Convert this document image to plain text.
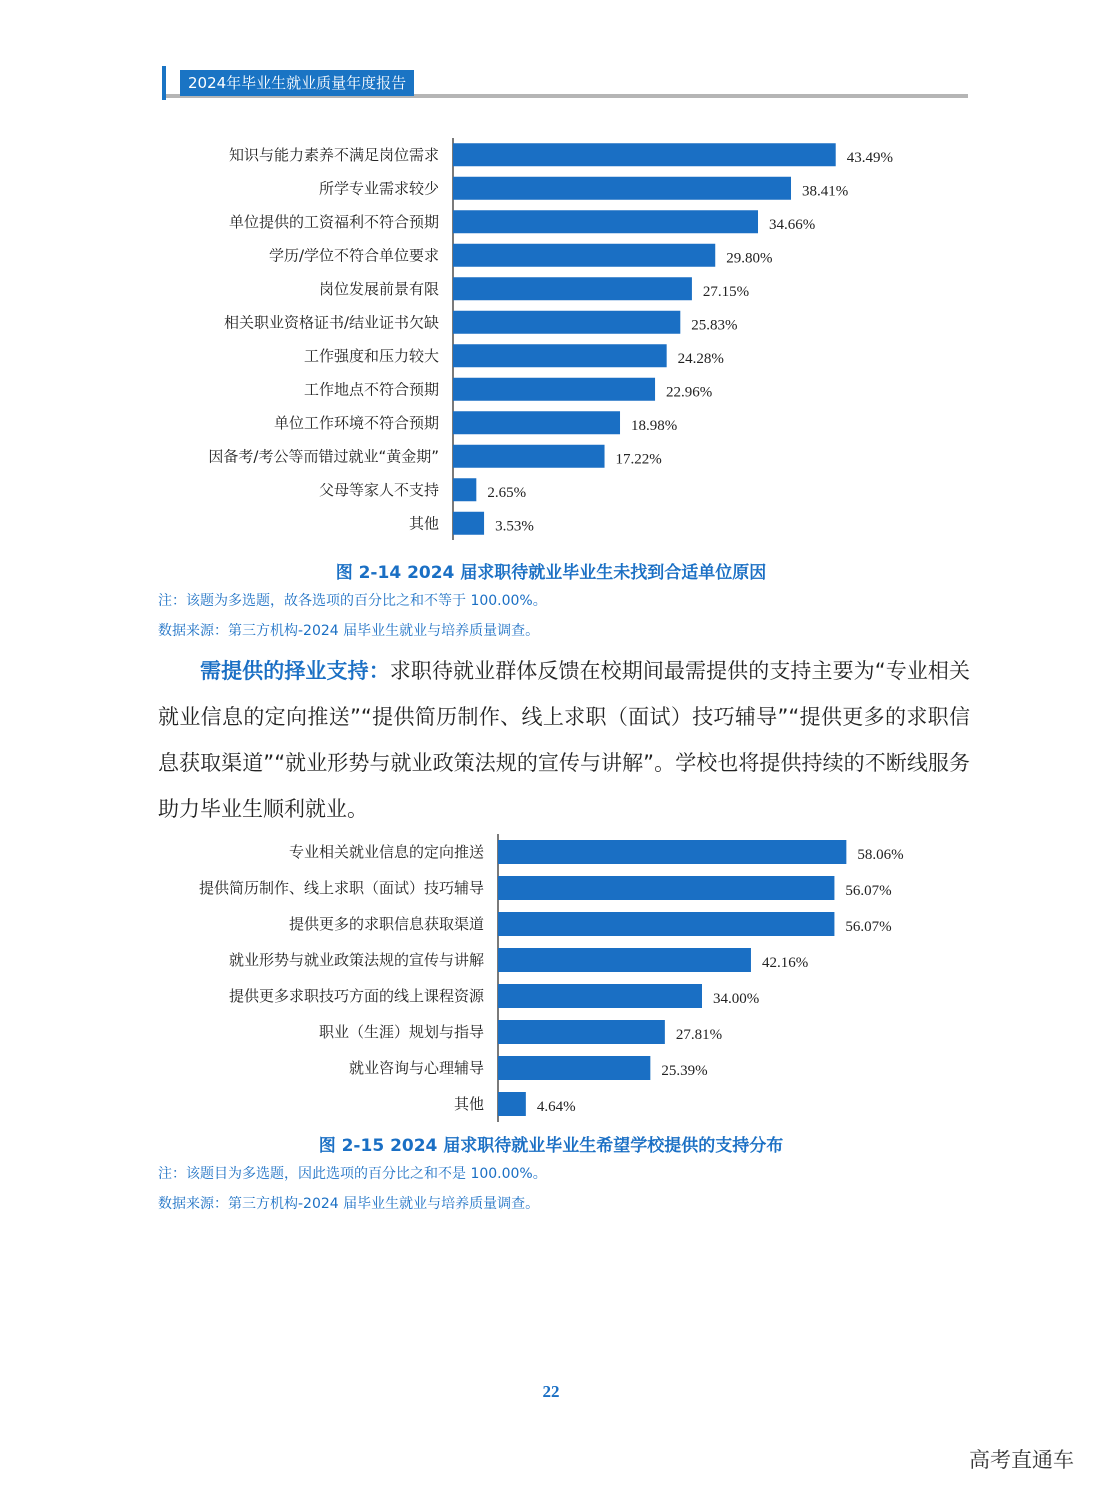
2024年毕业生就业质量年度报告
知识与能力素养不满足岗位需求	43.49%
所学专业需求较少	38.41%
单位提供的工资福利不符合预期	34.66%
学历/学位不符合单位要求	29.80%
岗位发展前景有限	27.15%
相关职业资格证书/结业证书欠缺	25.83%
工作强度和压力较大	24.28%
工作地点不符合预期	22.96%
单位工作环境不符合预期	18.98%
因备考/考公等而错过就业“黄金期”	17.22%
父母等家人不支持	2.65%
其他	3.53%
图 2-14 2024 届求职待就业毕业生未找到合适单位原因
注：该题为多选题，故各选项的百分比之和不等于 100.00%。
数据来源：第三方机构-2024 届毕业生就业与培养质量调查。
需提供的择业支持：求职待就业群体反馈在校期间最需提供的支持主要为“专业相关就业信息的定向推送”“提供简历制作、线上求职（面试）技巧辅导”“提供更多的求职信息获取渠道”“就业形势与就业政策法规的宣传与讲解”。学校也将提供持续的不断线服务助力毕业生顺利就业。
专业相关就业信息的定向推送	58.06%
提供简历制作、线上求职（面试）技巧辅导	56.07%
提供更多的求职信息获取渠道	56.07%
就业形势与就业政策法规的宣传与讲解	42.16%
提供更多求职技巧方面的线上课程资源	34.00%
职业（生涯）规划与指导	27.81%
就业咨询与心理辅导	25.39%
其他	4.64%
图 2-15 2024 届求职待就业毕业生希望学校提供的支持分布
注：该题目为多选题，因此选项的百分比之和不是 100.00%。
数据来源：第三方机构-2024 届毕业生就业与培养质量调查。
22
高考直通车
